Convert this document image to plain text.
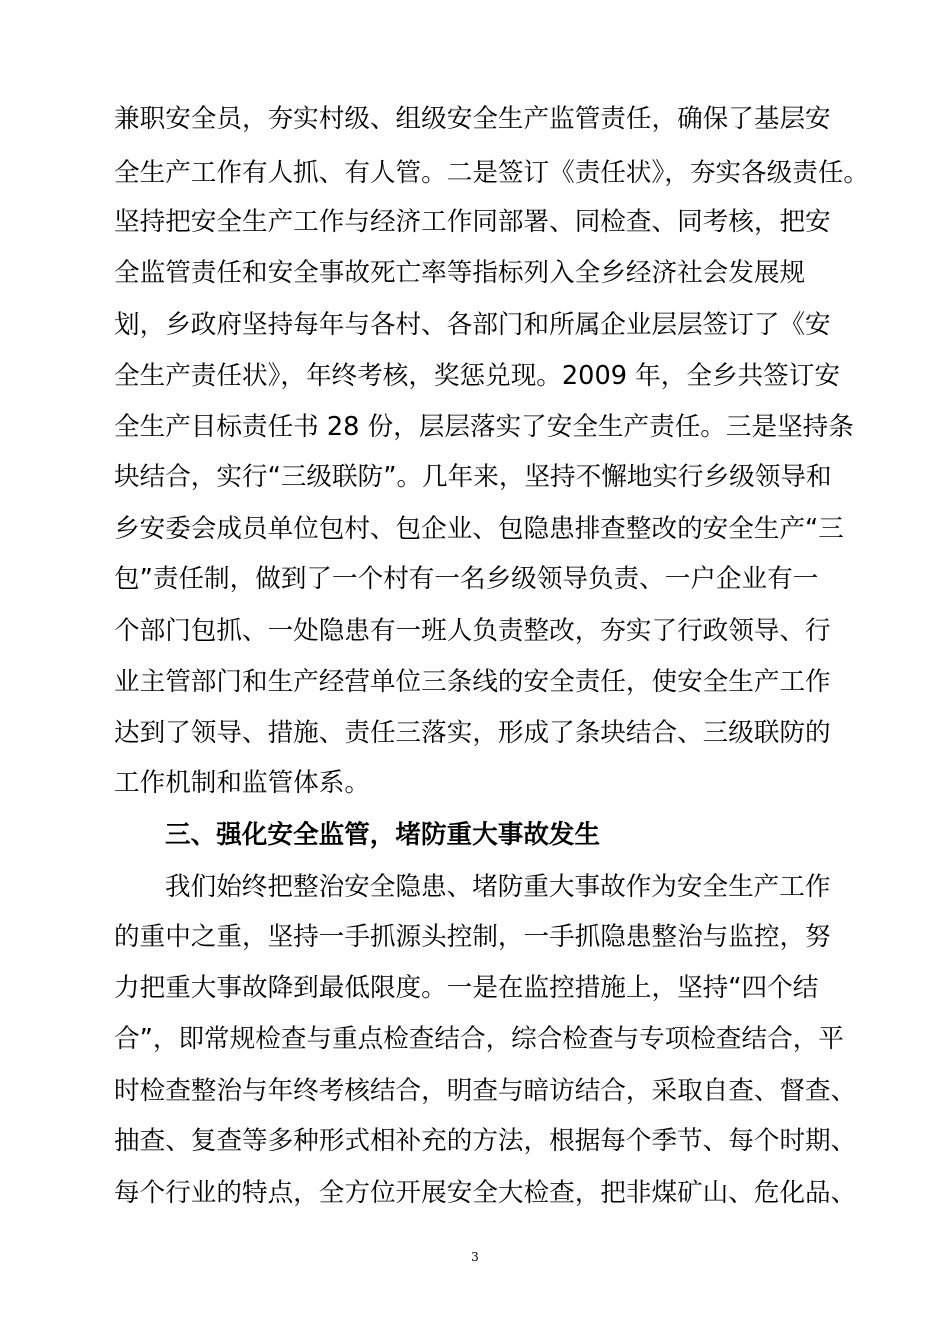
兼职安全员，夯实村级、组级安全生产监管责任，确保了基层安
全生产工作有人抓、有人管。二是签订《责任状》，夯实各级责任。
坚持把安全生产工作与经济工作同部署、同检查、同考核，把安
全监管责任和安全事故死亡率等指标列入全乡经济社会发展规
划，乡政府坚持每年与各村、各部门和所属企业层层签订了《安
全生产责任状》，年终考核，奖惩兑现。2009 年，全乡共签订安
全生产目标责任书 28 份，层层落实了安全生产责任。三是坚持条
块结合，实行“三级联防”。几年来，坚持不懈地实行乡级领导和
乡安委会成员单位包村、包企业、包隐患排查整改的安全生产“三
包”责任制，做到了一个村有一名乡级领导负责、一户企业有一
个部门包抓、一处隐患有一班人负责整改，夯实了行政领导、行
业主管部门和生产经营单位三条线的安全责任，使安全生产工作
达到了领导、措施、责任三落实，形成了条块结合、三级联防的
工作机制和监管体系。
三、强化安全监管，堵防重大事故发生
我们始终把整治安全隐患、堵防重大事故作为安全生产工作
的重中之重，坚持一手抓源头控制，一手抓隐患整治与监控，努
力把重大事故降到最低限度。一是在监控措施上，坚持“四个结
合”，即常规检查与重点检查结合，综合检查与专项检查结合，平
时检查整治与年终考核结合，明查与暗访结合，采取自查、督查、
抽查、复查等多种形式相补充的方法，根据每个季节、每个时期、
每个行业的特点，全方位开展安全大检查，把非煤矿山、危化品、
3
